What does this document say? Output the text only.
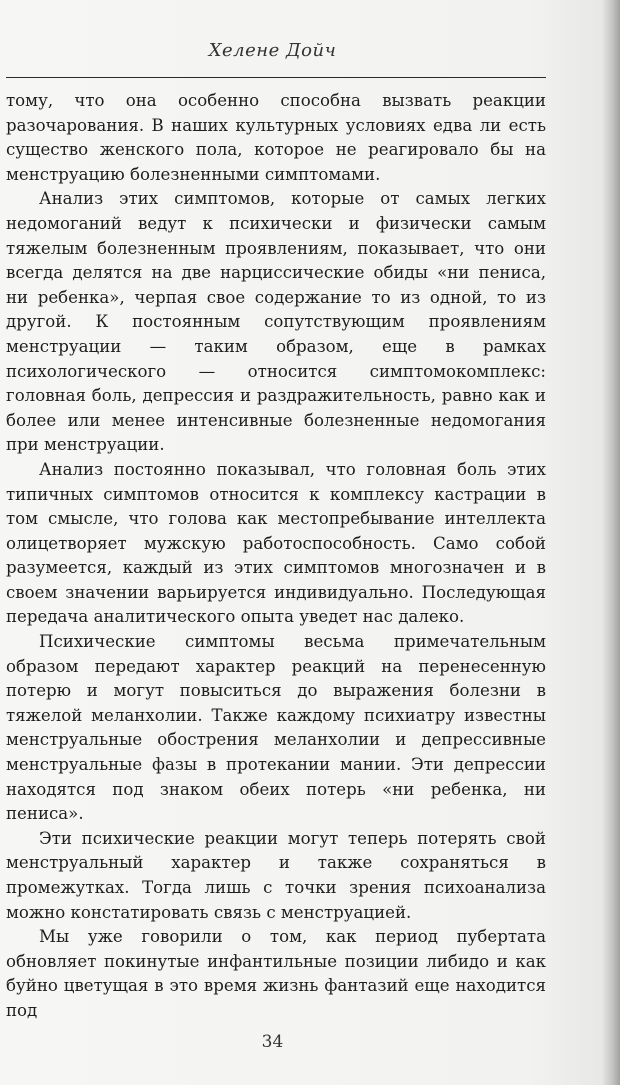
Хелене Дойч

тому, что она особенно способна вызвать реакции разочарования. В наших культурных условиях едва ли есть существо женского пола, которое не реагировало бы на менструацию болезненными симптомами.

Анализ этих симптомов, которые от самых легких недомоганий ведут к психически и физически самым тяжелым болезненным проявлениям, показывает, что они всегда делятся на две нарциссические обиды «ни пениса, ни ребенка», черпая свое содержание то из одной, то из другой. К постоянным сопутствующим проявлениям менструации — таким образом, еще в рамках психологического — относится симптомокомплекс: головная боль, депрессия и раздражительность, равно как и более или менее интенсивные болезненные недомогания при менструации.

Анализ постоянно показывал, что головная боль этих типичных симптомов относится к комплексу кастрации в том смысле, что голова как местопребывание интеллекта олицетворяет мужскую работоспособность. Само собой разумеется, каждый из этих симптомов многозначен и в своем значении варьируется индивидуально. Последующая передача аналитического опыта уведет нас далеко.

Психические симптомы весьма примечательным образом передают характер реакций на перенесенную потерю и могут повыситься до выражения болезни в тяжелой меланхолии. Также каждому психиатру известны менструальные обострения меланхолии и депрессивные менструальные фазы в протекании мании. Эти депрессии находятся под знаком обеих потерь «ни ребенка, ни пениса».

Эти психические реакции могут теперь потерять свой менструальный характер и также сохраняться в промежутках. Тогда лишь с точки зрения психоанализа можно констатировать связь с менструацией.

Мы уже говорили о том, как период пубертата обновляет покинутые инфантильные позиции либидо и как буйно цветущая в это время жизнь фантазий еще находится под

34
